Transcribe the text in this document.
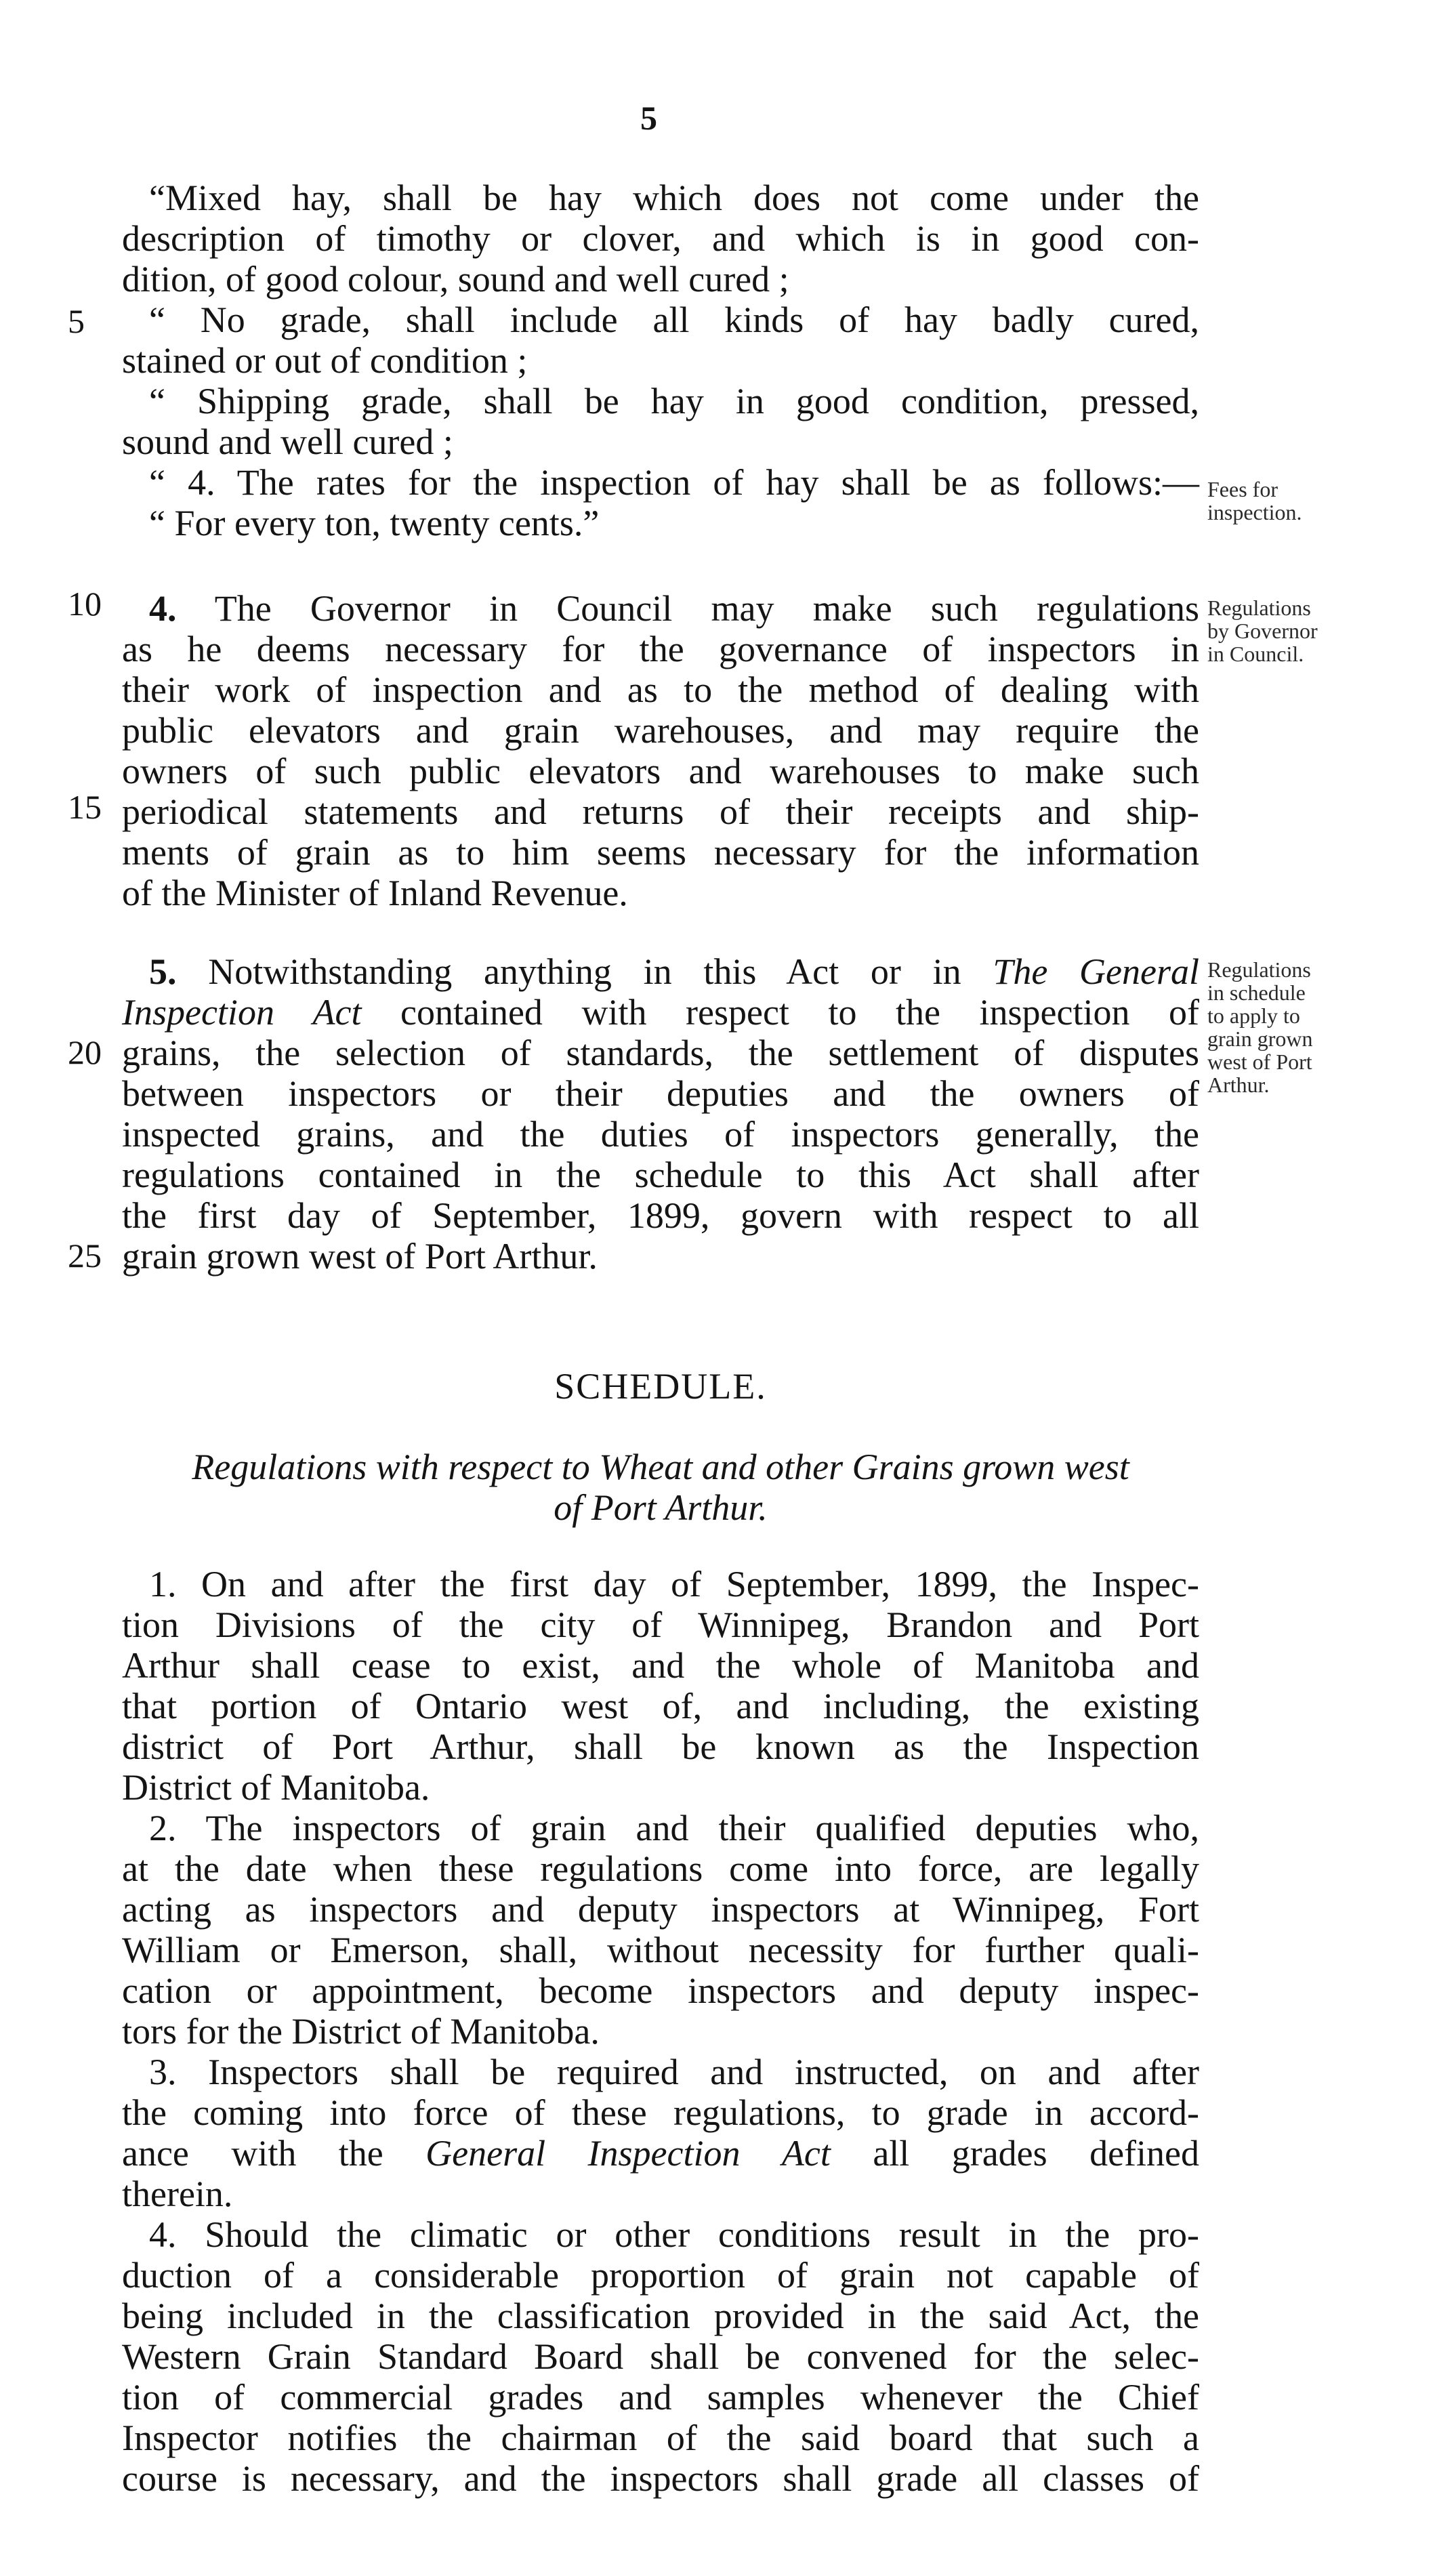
5
5
10
15
20
25
“Mixed hay, shall be hay which does not come under the
description of timothy or clover, and which is in good con-
dition, of good colour, sound and well cured ;
“ No grade, shall include all kinds of hay badly cured,
stained or out of condition ;
“ Shipping grade, shall be hay in good condition, pressed,
sound and well cured ;
“ 4. The rates for the inspection of hay shall be as follows:—
“ For every ton, twenty cents.”
Fees for
inspection.
4. The Governor in Council may make such regulations
as he deems necessary for the governance of inspectors in
their work of inspection and as to the method of dealing with
public elevators and grain warehouses, and may require the
owners of such public elevators and warehouses to make such
periodical statements and returns of their receipts and ship-
ments of grain as to him seems necessary for the information
of the Minister of Inland Revenue.
Regulations
by Governor
in Council.
5. Notwithstanding anything in this Act or in The General
Inspection Act contained with respect to the inspection of
grains, the selection of standards, the settlement of disputes
between inspectors or their deputies and the owners of
inspected grains, and the duties of inspectors generally, the
regulations contained in the schedule to this Act shall after
the first day of September, 1899, govern with respect to all
grain grown west of Port Arthur.
Regulations
in schedule
to apply to
grain grown
west of Port
Arthur.
SCHEDULE.
Regulations with respect to Wheat and other Grains grown west
of Port Arthur.
1. On and after the first day of September, 1899, the Inspec-
tion Divisions of the city of Winnipeg, Brandon and Port
Arthur shall cease to exist, and the whole of Manitoba and
that portion of Ontario west of, and including, the existing
district of Port Arthur, shall be known as the Inspection
District of Manitoba.
2. The inspectors of grain and their qualified deputies who,
at the date when these regulations come into force, are legally
acting as inspectors and deputy inspectors at Winnipeg, Fort
William or Emerson, shall, without necessity for further quali-
cation or appointment, become inspectors and deputy inspec-
tors for the District of Manitoba.
3. Inspectors shall be required and instructed, on and after
the coming into force of these regulations, to grade in accord-
ance with the General Inspection Act all grades defined
therein.
4. Should the climatic or other conditions result in the pro-
duction of a considerable proportion of grain not capable of
being included in the classification provided in the said Act, the
Western Grain Standard Board shall be convened for the selec-
tion of commercial grades and samples whenever the Chief
Inspector notifies the chairman of the said board that such a
course is necessary, and the inspectors shall grade all classes of
